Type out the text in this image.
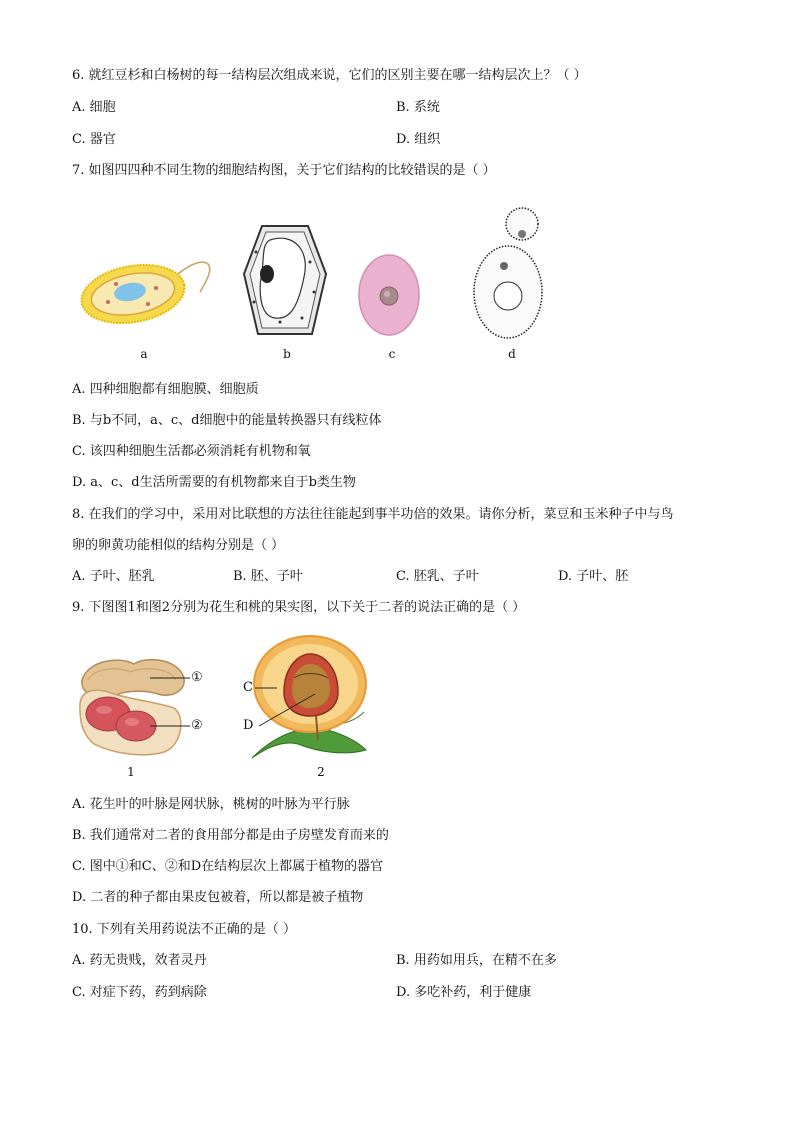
6. 就红豆杉和白杨树的每一结构层次组成来说，它们的区别主要在哪一结构层次上？（ ）
A. 细胞	B. 系统
C. 器官	D. 组织
7. 如图四四种不同生物的细胞结构图，关于它们结构的比较错误的是（ ）
a	b	c	d
A. 四种细胞都有细胞膜、细胞质
B. 与b不同，a、c、d细胞中的能量转换器只有线粒体
C. 该四种细胞生活都必须消耗有机物和氧
D. a、c、d生活所需要的有机物都来自于b类生物
8. 在我们的学习中，采用对比联想的方法往往能起到事半功倍的效果。请你分析，菜豆和玉米种子中与鸟
卵的卵黄功能相似的结构分别是（ ）
A. 子叶、胚乳	B. 胚、子叶	C. 胚乳、子叶	D. 子叶、胚
9. 下图图1和图2分别为花生和桃的果实图，以下关于二者的说法正确的是（ ）
①
②
1
C
D
2
A. 花生叶的叶脉是网状脉，桃树的叶脉为平行脉
B. 我们通常对二者的食用部分都是由子房壁发育而来的
C. 图中①和C、②和D在结构层次上都属于植物的器官
D. 二者的种子都由果皮包被着，所以都是被子植物
10. 下列有关用药说法不正确的是（ ）
A. 药无贵贱，效者灵丹	B. 用药如用兵，在精不在多
C. 对症下药，药到病除	D. 多吃补药，利于健康
